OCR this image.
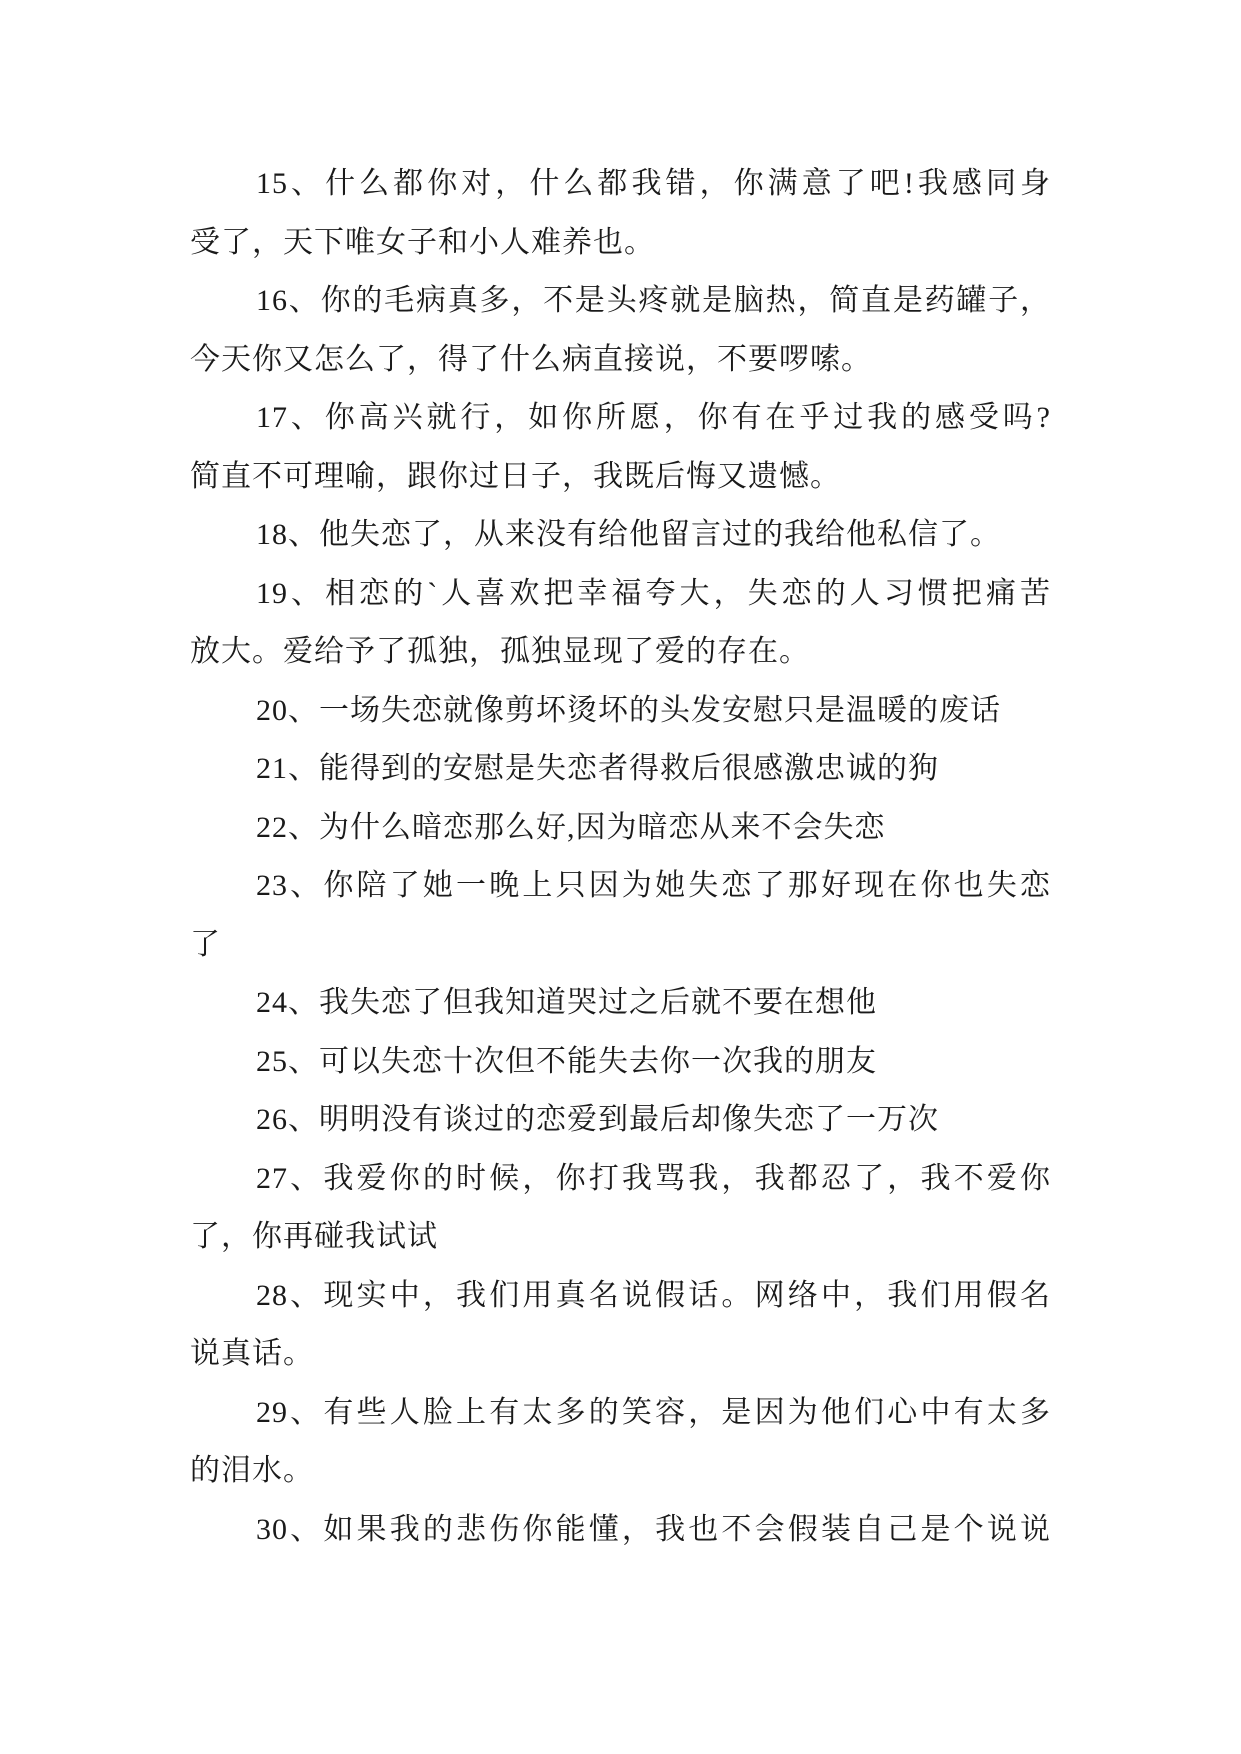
15、什么都你对，什么都我错，你满意了吧!我感同身
受了，天下唯女子和小人难养也。
16、你的毛病真多，不是头疼就是脑热，简直是药罐子，
今天你又怎么了，得了什么病直接说，不要啰嗦。
17、你高兴就行，如你所愿，你有在乎过我的感受吗?
简直不可理喻，跟你过日子，我既后悔又遗憾。
18、他失恋了，从来没有给他留言过的我给他私信了。
19、相恋的`人喜欢把幸福夸大，失恋的人习惯把痛苦
放大。爱给予了孤独，孤独显现了爱的存在。
20、一场失恋就像剪坏烫坏的头发安慰只是温暖的废话
21、能得到的安慰是失恋者得救后很感激忠诚的狗
22、为什么暗恋那么好,因为暗恋从来不会失恋
23、你陪了她一晚上只因为她失恋了那好现在你也失恋
了
24、我失恋了但我知道哭过之后就不要在想他
25、可以失恋十次但不能失去你一次我的朋友
26、明明没有谈过的恋爱到最后却像失恋了一万次
27、我爱你的时候，你打我骂我，我都忍了，我不爱你
了，你再碰我试试
28、现实中，我们用真名说假话。网络中，我们用假名
说真话。
29、有些人脸上有太多的笑容，是因为他们心中有太多
的泪水。
30、如果我的悲伤你能懂，我也不会假装自己是个说说
